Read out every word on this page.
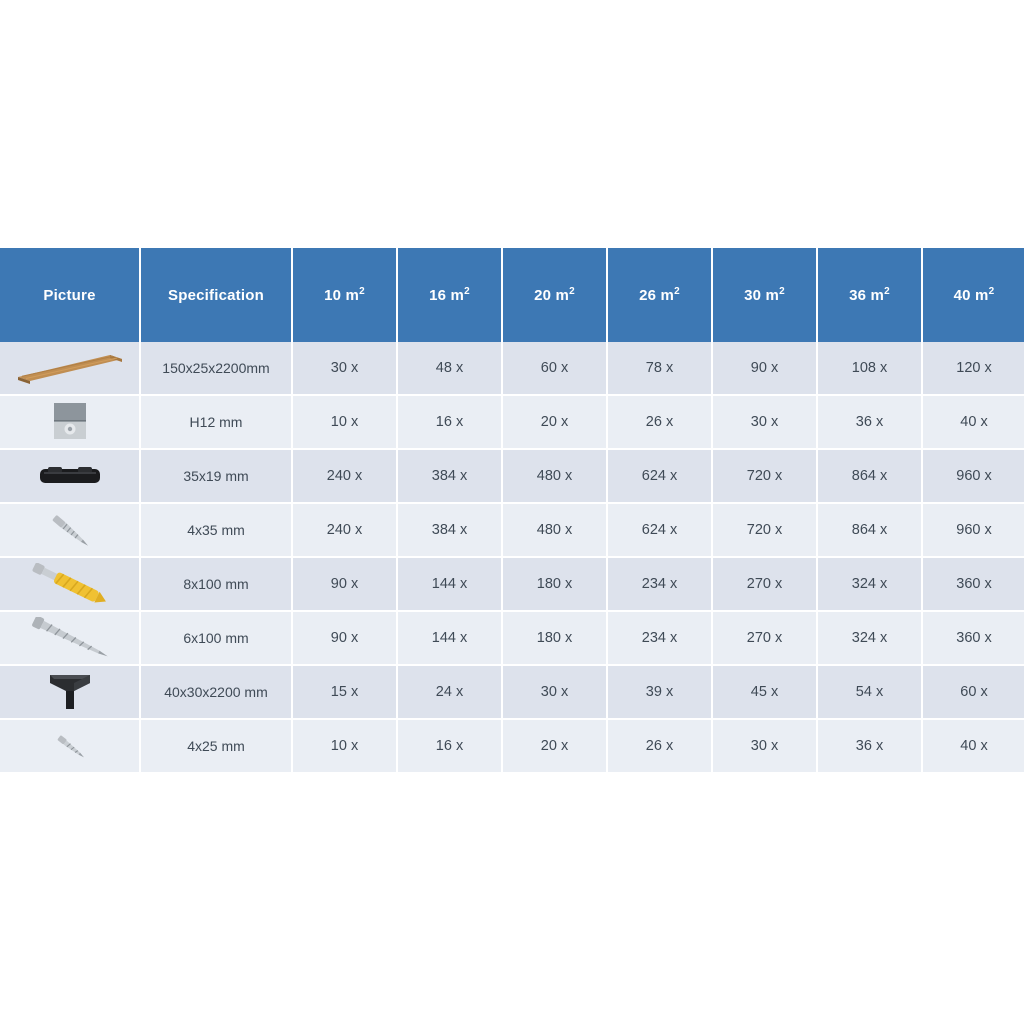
Picture	Specification	10 $m^2$	16 $m^2$	20 $m^2$	26 $m^2$	30 $m^2$	36 $m^2$	40 $m^2$

	150x25x2200mm	30 x	48 x	60 x	78 x	90 x	108 x	120 x

	H12 mm	10 x	16 x	20 x	26 x	30 x	36 x	40 x

	35x19 mm	240 x	384 x	480 x	624 x	720 x	864 x	960 x

	4x35 mm	240 x	384 x	480 x	624 x	720 x	864 x	960 x

	8x100 mm	90 x	144 x	180 x	234 x	270 x	324 x	360 x

	6x100 mm	90 x	144 x	180 x	234 x	270 x	324 x	360 x

	40x30x2200 mm	15 x	24 x	30 x	39 x	45 x	54 x	60 x

	4x25 mm	10 x	16 x	20 x	26 x	30 x	36 x	40 x
